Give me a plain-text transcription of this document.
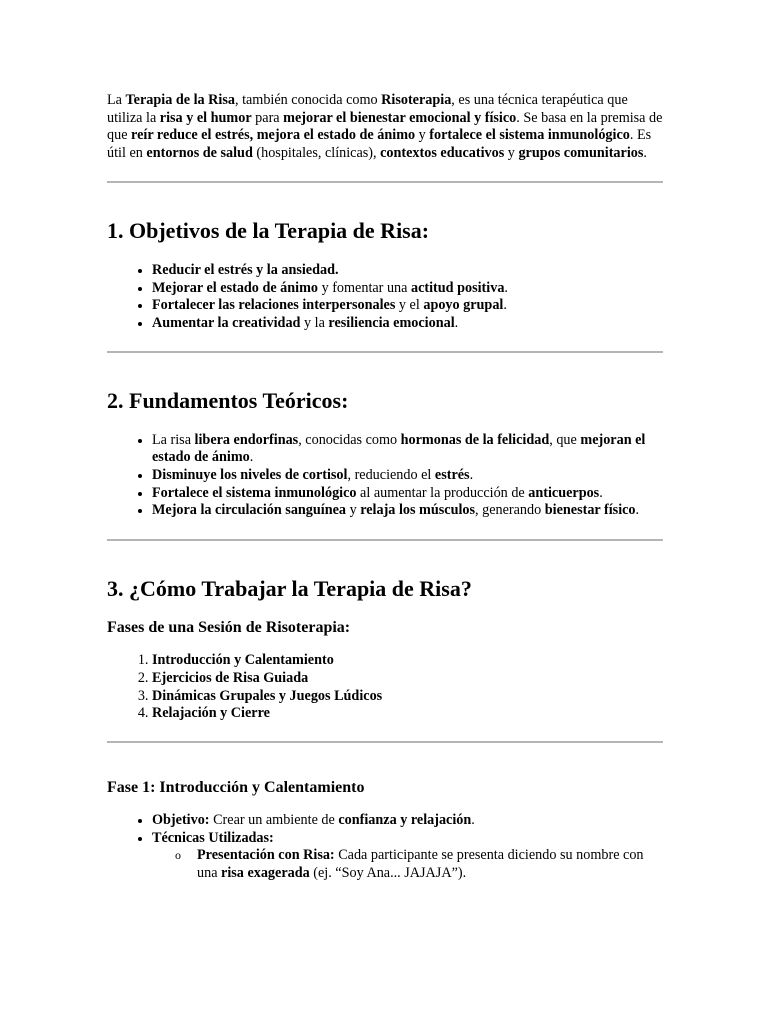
La Terapia de la Risa, también conocida como Risoterapia, es una técnica terapéutica que utiliza la risa y el humor para mejorar el bienestar emocional y físico. Se basa en la premisa de que reír reduce el estrés, mejora el estado de ánimo y fortalece el sistema inmunológico. Es útil en entornos de salud (hospitales, clínicas), contextos educativos y grupos comunitarios.

1. Objetivos de la Terapia de Risa:
• Reducir el estrés y la ansiedad.
• Mejorar el estado de ánimo y fomentar una actitud positiva.
• Fortalecer las relaciones interpersonales y el apoyo grupal.
• Aumentar la creatividad y la resiliencia emocional.
2. Fundamentos Teóricos:
• La risa libera endorfinas, conocidas como hormonas de la felicidad, que mejoran el estado de ánimo.
• Disminuye los niveles de cortisol, reduciendo el estrés.
• Fortalece el sistema inmunológico al aumentar la producción de anticuerpos.
• Mejora la circulación sanguínea y relaja los músculos, generando bienestar físico.
3. ¿Cómo Trabajar la Terapia de Risa?
Fases de una Sesión de Risoterapia:
1. Introducción y Calentamiento
2. Ejercicios de Risa Guiada
3. Dinámicas Grupales y Juegos Lúdicos
4. Relajación y Cierre
Fase 1: Introducción y Calentamiento
• Objetivo: Crear un ambiente de confianza y relajación.
• Técnicas Utilizadas:
o Presentación con Risa: Cada participante se presenta diciendo su nombre con una risa exagerada (ej. “Soy Ana... JAJAJA”).
